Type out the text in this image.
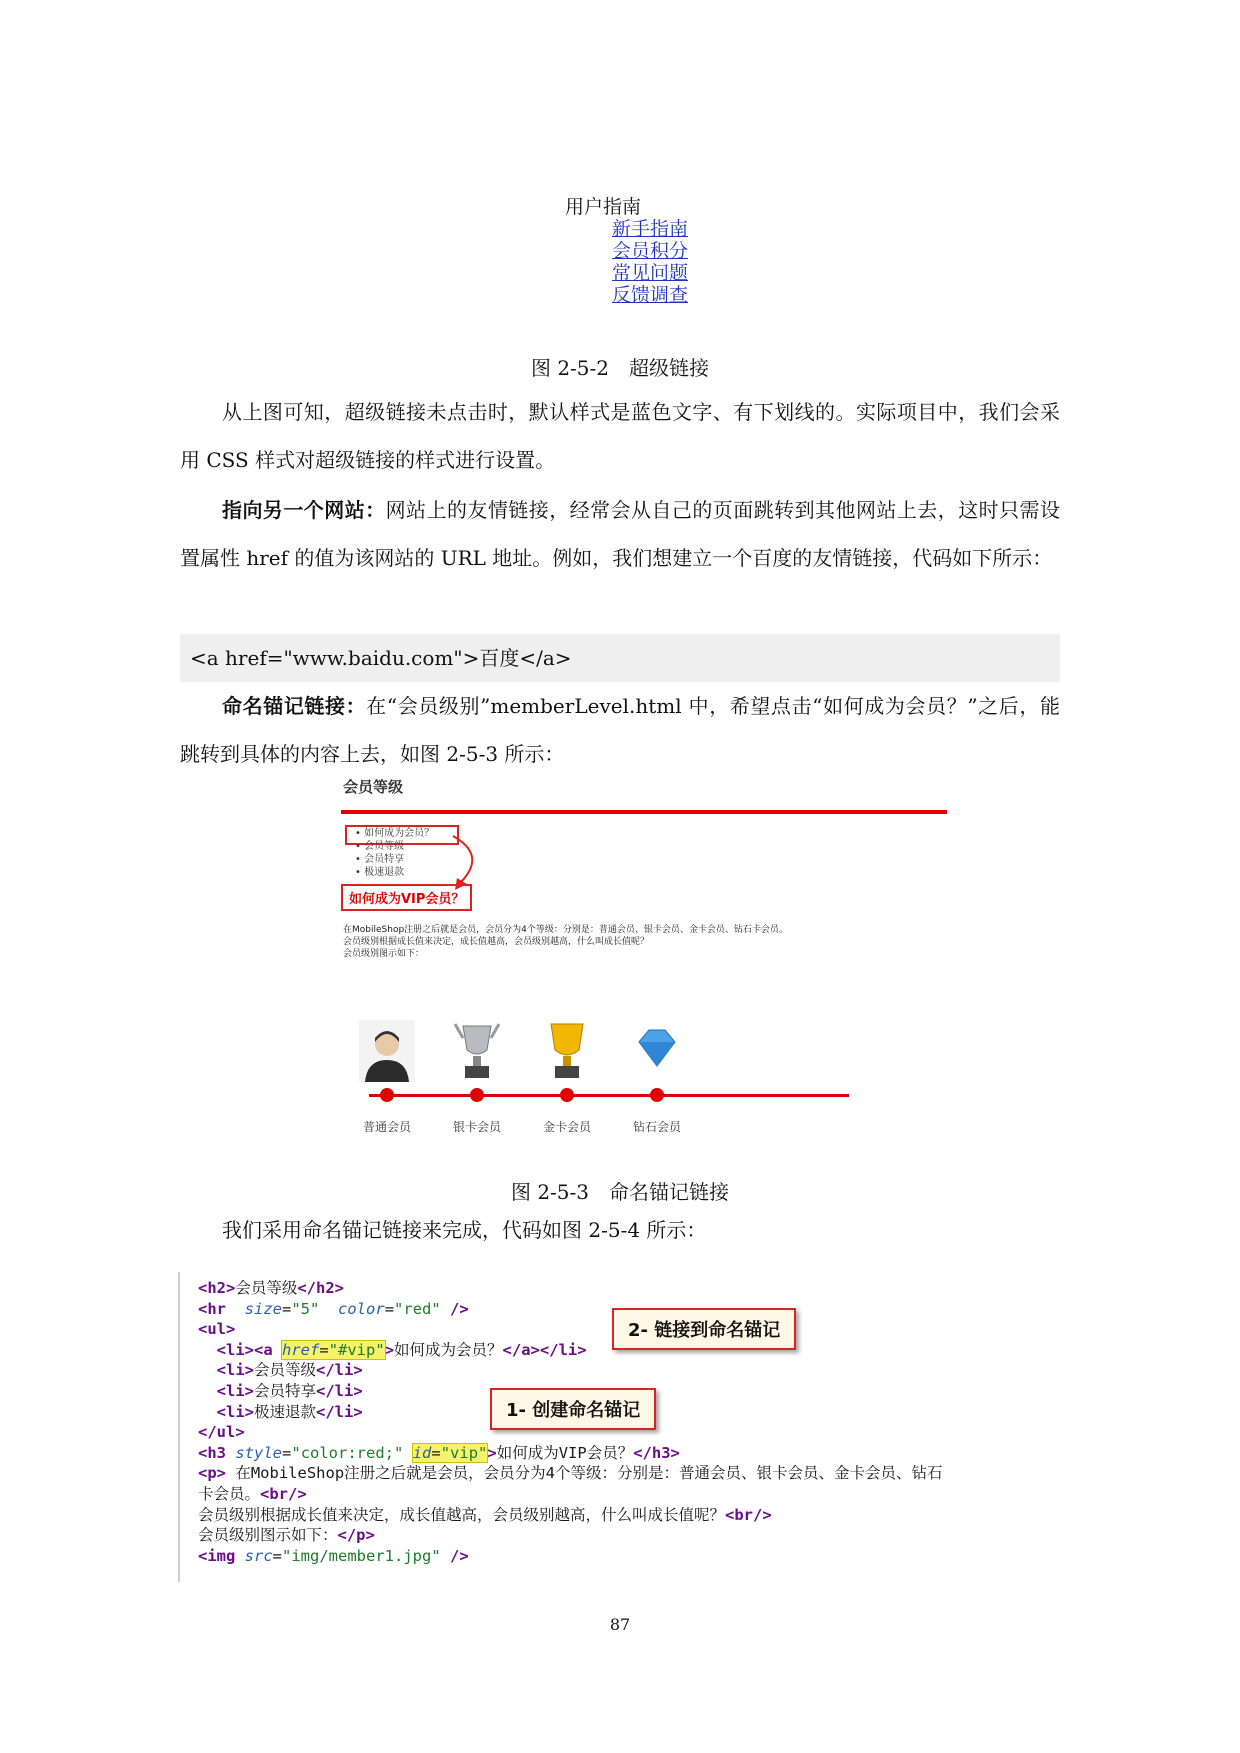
用户指南
新手指南
会员积分
常见问题
反馈调查
图 2-5-2　超级链接
从上图可知，超级链接未点击时，默认样式是蓝色文字、有下划线的。实际项目中，我们会采用 CSS 样式对超级链接的样式进行设置。
指向另一个网站：网站上的友情链接，经常会从自己的页面跳转到其他网站上去，这时只需设置属性 href 的值为该网站的 URL 地址。例如，我们想建立一个百度的友情链接，代码如下所示：
<a href="www.baidu.com">百度</a>
命名锚记链接：在“会员级别”memberLevel.html 中，希望点击“如何成为会员？”之后，能跳转到具体的内容上去，如图 2-5-3 所示：
会员等级
• 如何成为会员？
• 会员等级
• 会员特享
• 极速退款
如何成为VIP会员？
在MobileShop注册之后就是会员，会员分为4个等级：分别是：普通会员、银卡会员、金卡会员、钻石卡会员。
会员级别根据成长值来决定，成长值越高，会员级别越高，什么叫成长值呢？
会员级别图示如下：
普通会员	银卡会员	金卡会员	钻石会员
图 2-5-3　命名锚记链接
我们采用命名锚记链接来完成，代码如图 2-5-4 所示：
<h2>会员等级</h2>
<hr size="5" color="red" />
<ul>
<li><a href="#vip">如何成为会员？</a></li>
<li>会员等级</li>
<li>会员特享</li>
<li>极速退款</li>
</ul>
<h3 style="color:red;" id="vip">如何成为VIP会员？</h3>
<p> 在MobileShop注册之后就是会员，会员分为4个等级：分别是：普通会员、银卡会员、金卡会员、钻石
卡会员。<br/>
会员级别根据成长值来决定，成长值越高，会员级别越高，什么叫成长值呢？<br/>
会员级别图示如下：</p>
<img src="img/member1.jpg" />
2- 链接到命名锚记
1- 创建命名锚记
87
